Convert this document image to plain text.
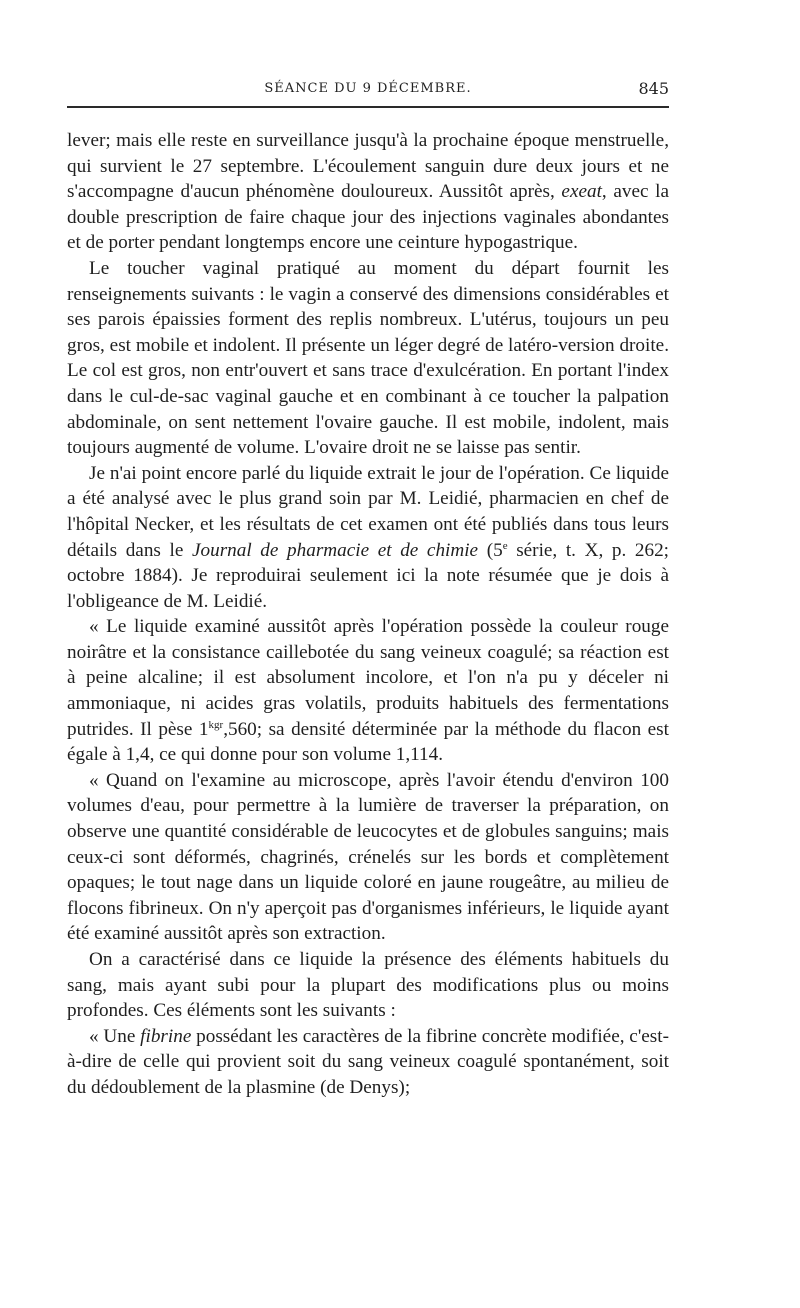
SÉANCE DU 9 DÉCEMBRE.	845

lever; mais elle reste en surveillance jusqu'à la prochaine époque menstruelle, qui survient le 27 septembre. L'écoulement sanguin dure deux jours et ne s'accompagne d'aucun phénomène douloureux. Aussitôt après, exeat, avec la double prescription de faire chaque jour des injections vaginales abondantes et de porter pendant longtemps encore une ceinture hypogastrique.

Le toucher vaginal pratiqué au moment du départ fournit les renseignements suivants : le vagin a conservé des dimensions considérables et ses parois épaissies forment des replis nombreux. L'utérus, toujours un peu gros, est mobile et indolent. Il présente un léger degré de latéro-version droite. Le col est gros, non entr'ouvert et sans trace d'exulcération. En portant l'index dans le cul-de-sac vaginal gauche et en combinant à ce toucher la palpation abdominale, on sent nettement l'ovaire gauche. Il est mobile, indolent, mais toujours augmenté de volume. L'ovaire droit ne se laisse pas sentir.

Je n'ai point encore parlé du liquide extrait le jour de l'opération. Ce liquide a été analysé avec le plus grand soin par M. Leidié, pharmacien en chef de l'hôpital Necker, et les résultats de cet examen ont été publiés dans tous leurs détails dans le Journal de pharmacie et de chimie (5e série, t. X, p. 262; octobre 1884). Je reproduirai seulement ici la note résumée que je dois à l'obligeance de M. Leidié.

« Le liquide examiné aussitôt après l'opération possède la couleur rouge noirâtre et la consistance caillebotée du sang veineux coagulé; sa réaction est à peine alcaline; il est absolument incolore, et l'on n'a pu y déceler ni ammoniaque, ni acides gras volatils, produits habituels des fermentations putrides. Il pèse $1^{kgr},560$; sa densité déterminée par la méthode du flacon est égale à 1,4, ce qui donne pour son volume 1,114.

« Quand on l'examine au microscope, après l'avoir étendu d'environ 100 volumes d'eau, pour permettre à la lumière de traverser la préparation, on observe une quantité considérable de leucocytes et de globules sanguins; mais ceux-ci sont déformés, chagrinés, crénelés sur les bords et complètement opaques; le tout nage dans un liquide coloré en jaune rougeâtre, au milieu de flocons fibrineux. On n'y aperçoit pas d'organismes inférieurs, le liquide ayant été examiné aussitôt après son extraction.

On a caractérisé dans ce liquide la présence des éléments habituels du sang, mais ayant subi pour la plupart des modifications plus ou moins profondes. Ces éléments sont les suivants :

« Une fibrine possédant les caractères de la fibrine concrète modifiée, c'est-à-dire de celle qui provient soit du sang veineux coagulé spontanément, soit du dédoublement de la plasmine (de Denys);
